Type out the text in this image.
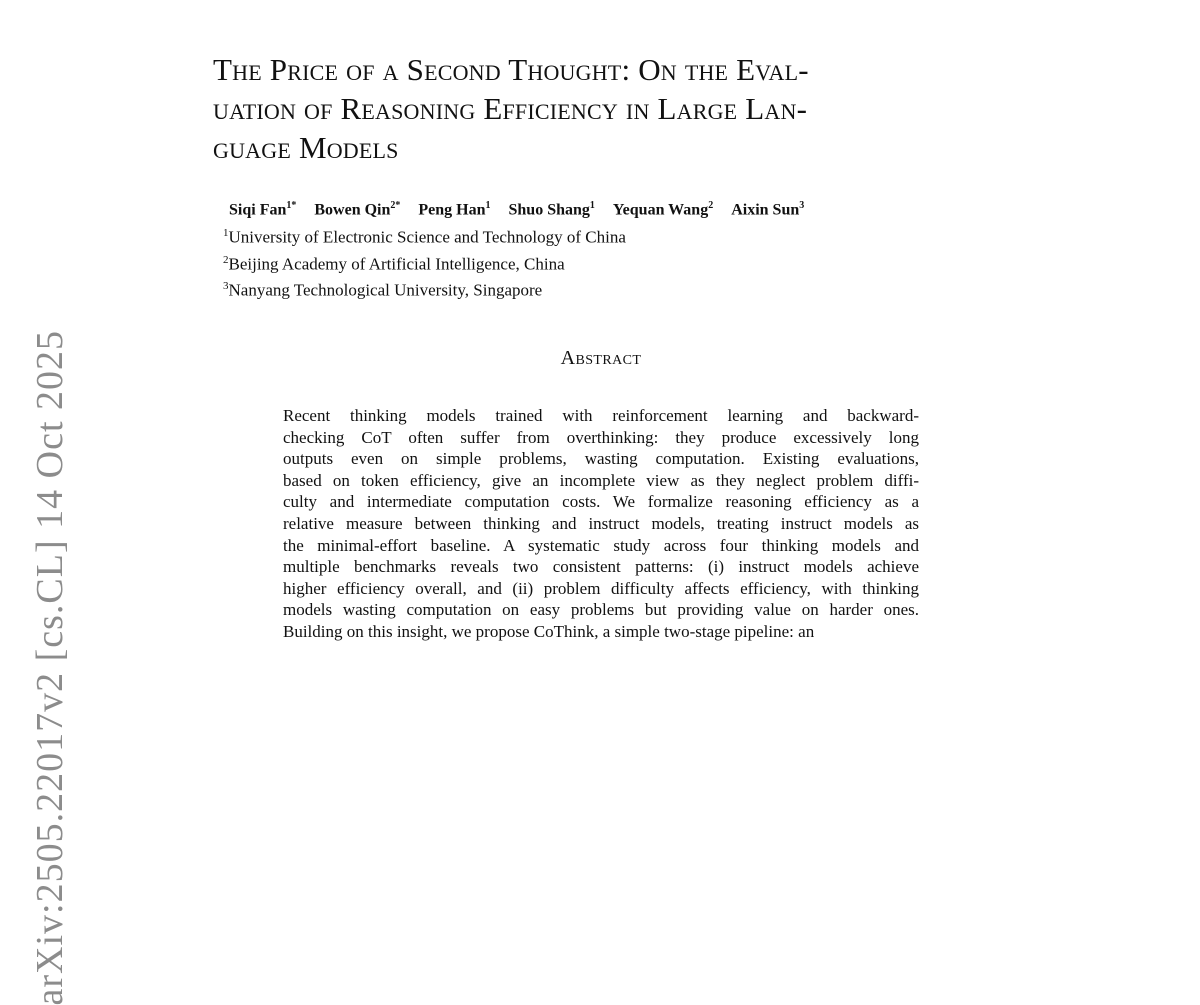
arXiv:2505.22017v2 [cs.CL] 14 Oct 2025
The Price of a Second Thought: On the Eval-
uation of Reasoning Efficiency in Large Lan-
guage Models
Siqi Fan$^{1*}$ Bowen Qin$^{2*}$ Peng Han$^1$ Shuo Shang$^1$ Yequan Wang$^2$ Aixin Sun$^3$
$^1$University of Electronic Science and Technology of China
$^2$Beijing Academy of Artificial Intelligence, China
$^3$Nanyang Technological University, Singapore
Abstract
Recent thinking models trained with reinforcement learning and backward-
checking CoT often suffer from overthinking: they produce excessively long
outputs even on simple problems, wasting computation. Existing evaluations,
based on token efficiency, give an incomplete view as they neglect problem diffi-
culty and intermediate computation costs. We formalize reasoning efficiency as a
relative measure between thinking and instruct models, treating instruct models as
the minimal-effort baseline. A systematic study across four thinking models and
multiple benchmarks reveals two consistent patterns: (i) instruct models achieve
higher efficiency overall, and (ii) problem difficulty affects efficiency, with thinking
models wasting computation on easy problems but providing value on harder ones.
Building on this insight, we propose CoThink, a simple two-stage pipeline: an
